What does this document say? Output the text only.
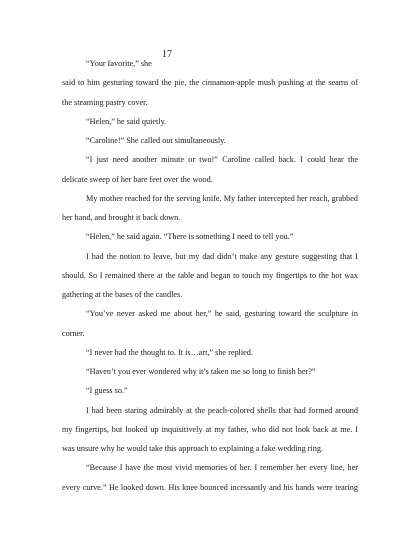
17
“Your favorite,” she
said to him gesturing toward the pie, the cinnamon-apple mush pushing at the seams of
the steaming pastry cover.
“Helen,” he said quietly.
“Caroline!” She called out simultaneously.
“I just need another minute or two!” Caroline called back. I could hear the
delicate sweep of her bare feet over the wood.
My mother reached for the serving knife. My father intercepted her reach, grabbed
her hand, and brought it back down.
“Helen,” he said again. “There is something I need to tell you.”
I had the notion to leave, but my dad didn’t make any gesture suggesting that I
should. So I remained there at the table and began to touch my fingertips to the hot wax
gathering at the bases of the candles.
“You’ve never asked me about her,” he said, gesturing toward the sculpture in
corner.
“I never had the thought to. It is…art,” she replied.
“Haven’t you ever wondered why it’s taken me so long to finish her?”
“I guess so.”
I had been staring admirably at the peach-colored shells that had formed around
my fingertips, but looked up inquisitively at my father, who did not look back at me. I
was unsure why he would take this approach to explaining a fake wedding ring.
“Because I have the most vivid memories of her. I remember her every line, her
every curve.” He looked down. His knee bounced incessantly and his hands were tearing
